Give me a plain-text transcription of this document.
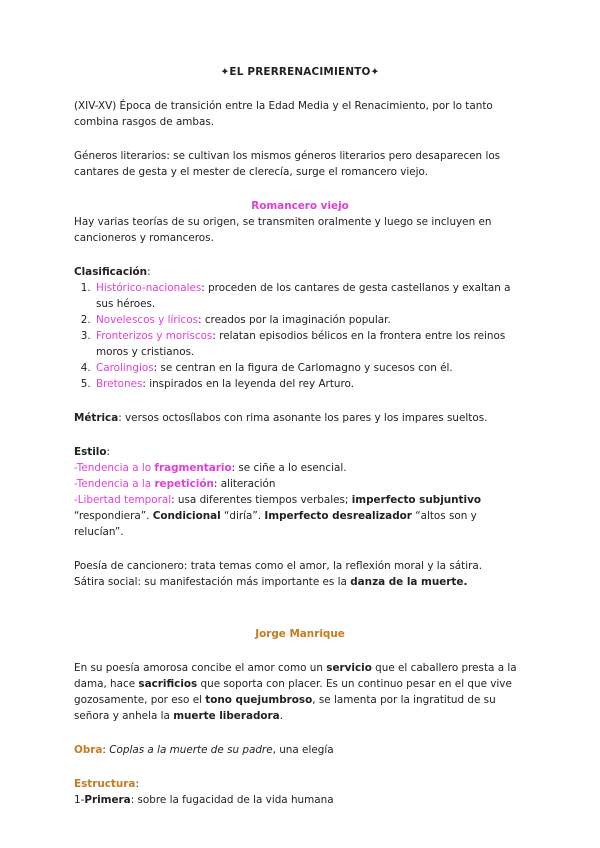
✦EL PRERRENACIMIENTO✦

(XIV-XV) Época de transición entre la Edad Media y el Renacimiento, por lo tanto combina rasgos de ambas.

Géneros literarios: se cultivan los mismos géneros literarios pero desaparecen los cantares de gesta y el mester de clerecía, surge el romancero viejo.

Romancero viejo

Hay varias teorías de su origen, se transmiten oralmente y luego se incluyen en cancioneros y romanceros.

Clasificación:
1. Histórico-nacionales: proceden de los cantares de gesta castellanos y exaltan a sus héroes.
2. Novelescos y líricos: creados por la imaginación popular.
3. Fronterizos y moriscos: relatan episodios bélicos en la frontera entre los reinos moros y cristianos.
4. Carolingios: se centran en la figura de Carlomagno y sucesos con él.
5. Bretones: inspirados en la leyenda del rey Arturo.

Métrica: versos octosílabos con rima asonante los pares y los impares sueltos.

Estilo:
-Tendencia a lo fragmentario: se ciñe a lo esencial.
-Tendencia a la repetición: aliteración

-Libertad temporal: usa diferentes tiempos verbales; imperfecto subjuntivo
“respondiera”. Condicional “diría”. Imperfecto desrealizador “altos son y relucían”.

Poesía de cancionero: trata temas como el amor, la reflexión moral y la sátira.

Sátira social: su manifestación más importante es la danza de la muerte.

Jorge Manrique

En su poesía amorosa concibe el amor como un servicio que el caballero presta a la dama, hace sacrificios que soporta con placer. Es un continuo pesar en el que vive gozosamente, por eso el tono quejumbroso, se lamenta por la ingratitud de su señora y anhela la muerte liberadora.

Obra: Coplas a la muerte de su padre, una elegía

Estructura:
1-Primera: sobre la fugacidad de la vida humana
